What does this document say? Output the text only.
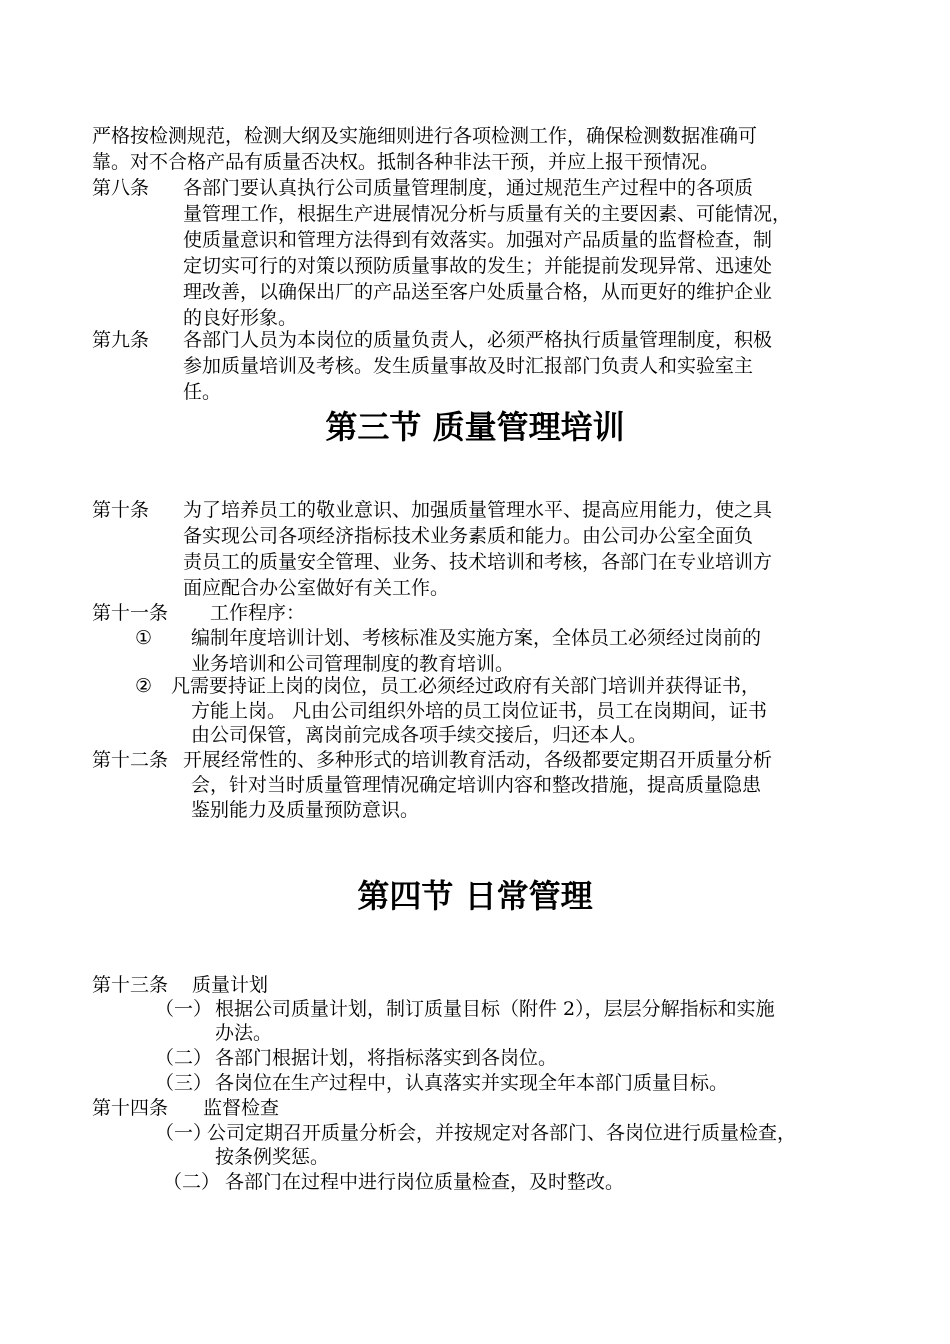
严格按检测规范，检测大纲及实施细则进行各项检测工作，确保检测数据准确可
靠。对不合格产品有质量否决权。抵制各种非法干预，并应上报干预情况。
第八条 各部门要认真执行公司质量管理制度，通过规范生产过程中的各项质
量管理工作，根据生产进展情况分析与质量有关的主要因素、可能情况，
使质量意识和管理方法得到有效落实。加强对产品质量的监督检查，制
定切实可行的对策以预防质量事故的发生；并能提前发现异常、迅速处
理改善，以确保出厂的产品送至客户处质量合格，从而更好的维护企业
的良好形象。
第九条 各部门人员为本岗位的质量负责人，必须严格执行质量管理制度，积极
参加质量培训及考核。发生质量事故及时汇报部门负责人和实验室主
任。
第三节 质量管理培训
第十条 为了培养员工的敬业意识、加强质量管理水平、提高应用能力，使之具
备实现公司各项经济指标技术业务素质和能力。由公司办公室全面负
责员工的质量安全管理、业务、技术培训和考核，各部门在专业培训方
面应配合办公室做好有关工作。
第十一条 工作程序：
① 编制年度培训计划、考核标准及实施方案，全体员工必须经过岗前的
业务培训和公司管理制度的教育培训。
② 凡需要持证上岗的岗位，员工必须经过政府有关部门培训并获得证书，
方能上岗。 凡由公司组织外培的员工岗位证书，员工在岗期间，证书
由公司保管，离岗前完成各项手续交接后，归还本人。
第十二条 开展经常性的、多种形式的培训教育活动，各级都要定期召开质量分析
会，针对当时质量管理情况确定培训内容和整改措施，提高质量隐患
鉴别能力及质量预防意识。
第四节 日常管理
第十三条 质量计划
（一） 根据公司质量计划，制订质量目标（附件 2），层层分解指标和实施
办法。
（二） 各部门根据计划，将指标落实到各岗位。
（三） 各岗位在生产过程中，认真落实并实现全年本部门质量目标。
第十四条 监督检查
（一）
公司定期召开质量分析会，并按规定对各部门、各岗位进行质量检查，
按条例奖惩。
（二） 各部门在过程中进行岗位质量检查，及时整改。
